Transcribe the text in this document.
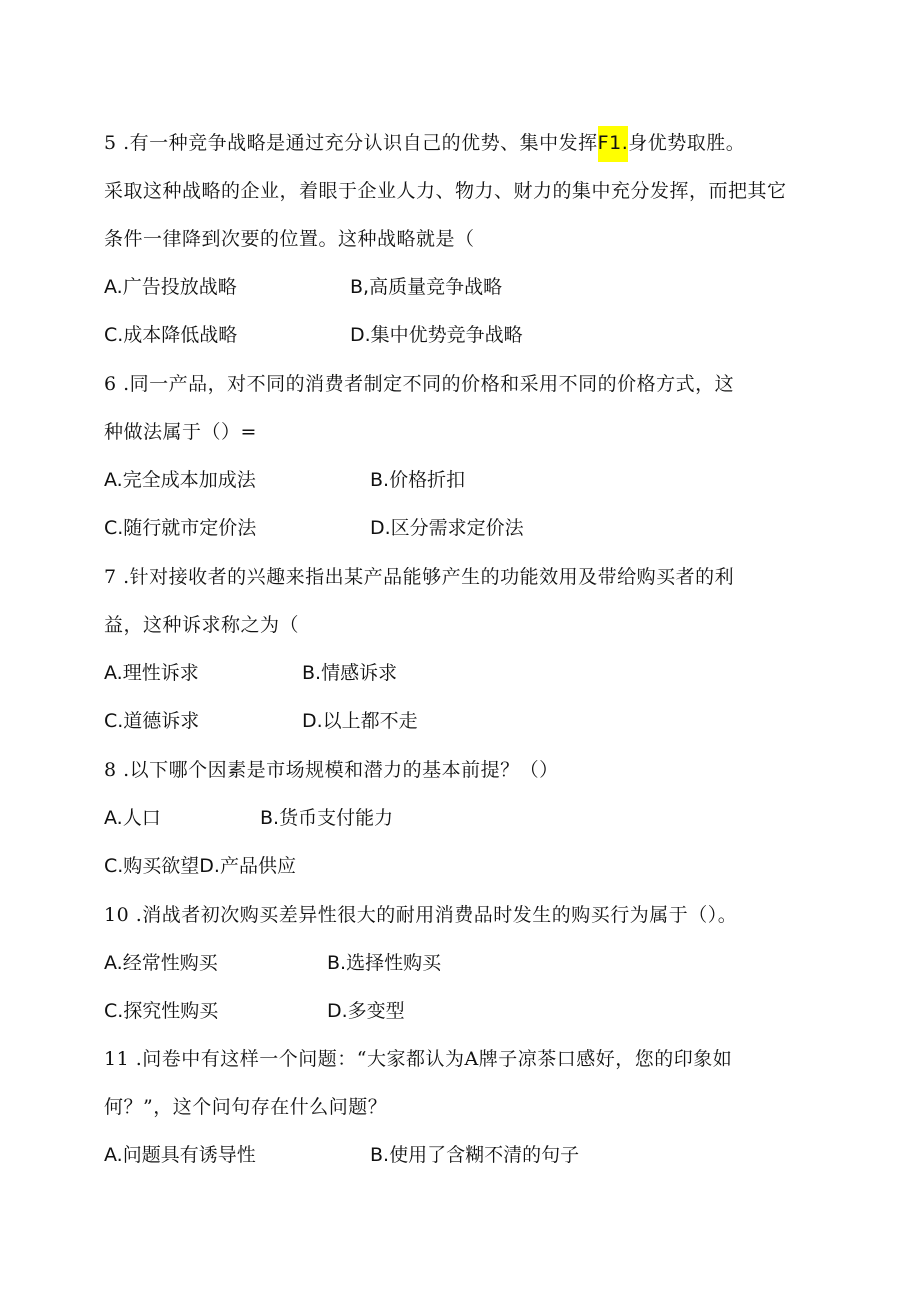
5 .有一种竞争战略是通过充分认识自己的优势、集中发挥F1.身优势取胜。
采取这种战略的企业，着眼于企业人力、物力、财力的集中充分发挥，而把其它
条件一律降到次要的位置。这种战略就是（
A.广告投放战略	B,高质量竞争战略
C.成本降低战略	D.集中优势竞争战略
6 .同一产品，对不同的消费者制定不同的价格和采用不同的价格方式，这
种做法属于（）=
A.完全成本加成法	B.价格折扣
C.随行就市定价法	D.区分需求定价法
7 .针对接收者的兴趣来指出某产品能够产生的功能效用及带给购买者的利
益，这种诉求称之为（
A.理性诉求	B.情感诉求
C.道德诉求	D.以上都不走
8 .以下哪个因素是市场规模和潜力的基本前提？（）
A.人口	B.货币支付能力
C.购买欲望D.产品供应
10 .消战者初次购买差异性很大的耐用消费品时发生的购买行为属于（）。
A.经常性购买	B.选择性购买
C.探究性购买	D.多变型
11 .问卷中有这样一个问题：“大家都认为A牌子凉茶口感好，您的印象如
何？”，这个问句存在什么问题？
A.问题具有诱导性	B.使用了含糊不清的句子
